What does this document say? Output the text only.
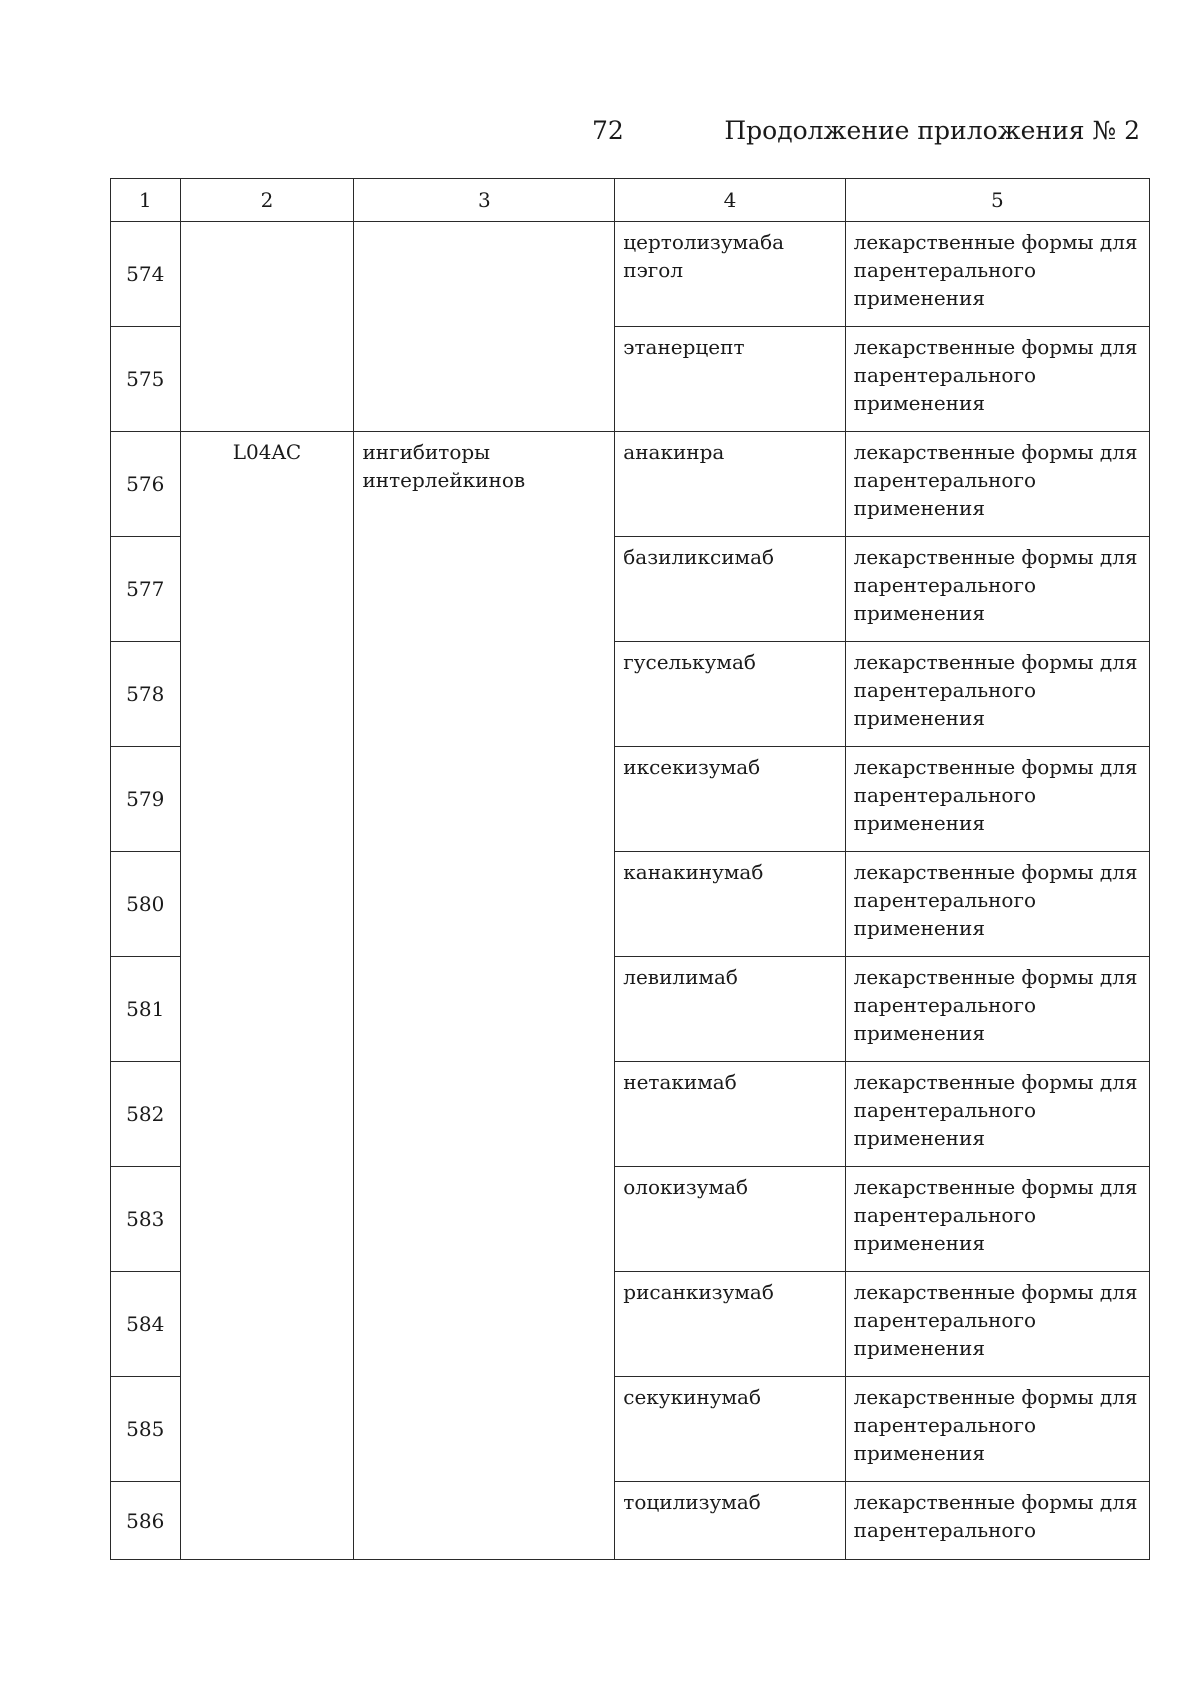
72	Продолжение приложения № 2
1	2	3	4	5
574			цертолизумаба пэгол	лекарственные формы для парентерального применения
575			этанерцепт	лекарственные формы для парентерального применения
576	L04AC	ингибиторы интерлейкинов	анакинра	лекарственные формы для парентерального применения
577			базиликсимаб	лекарственные формы для парентерального применения
578			гуселькумаб	лекарственные формы для парентерального применения
579			иксекизумаб	лекарственные формы для парентерального применения
580			канакинумаб	лекарственные формы для парентерального применения
581			левилимаб	лекарственные формы для парентерального применения
582			нетакимаб	лекарственные формы для парентерального применения
583			олокизумаб	лекарственные формы для парентерального применения
584			рисанкизумаб	лекарственные формы для парентерального применения
585			секукинумаб	лекарственные формы для парентерального применения
586			тоцилизумаб	лекарственные формы для парентерального
